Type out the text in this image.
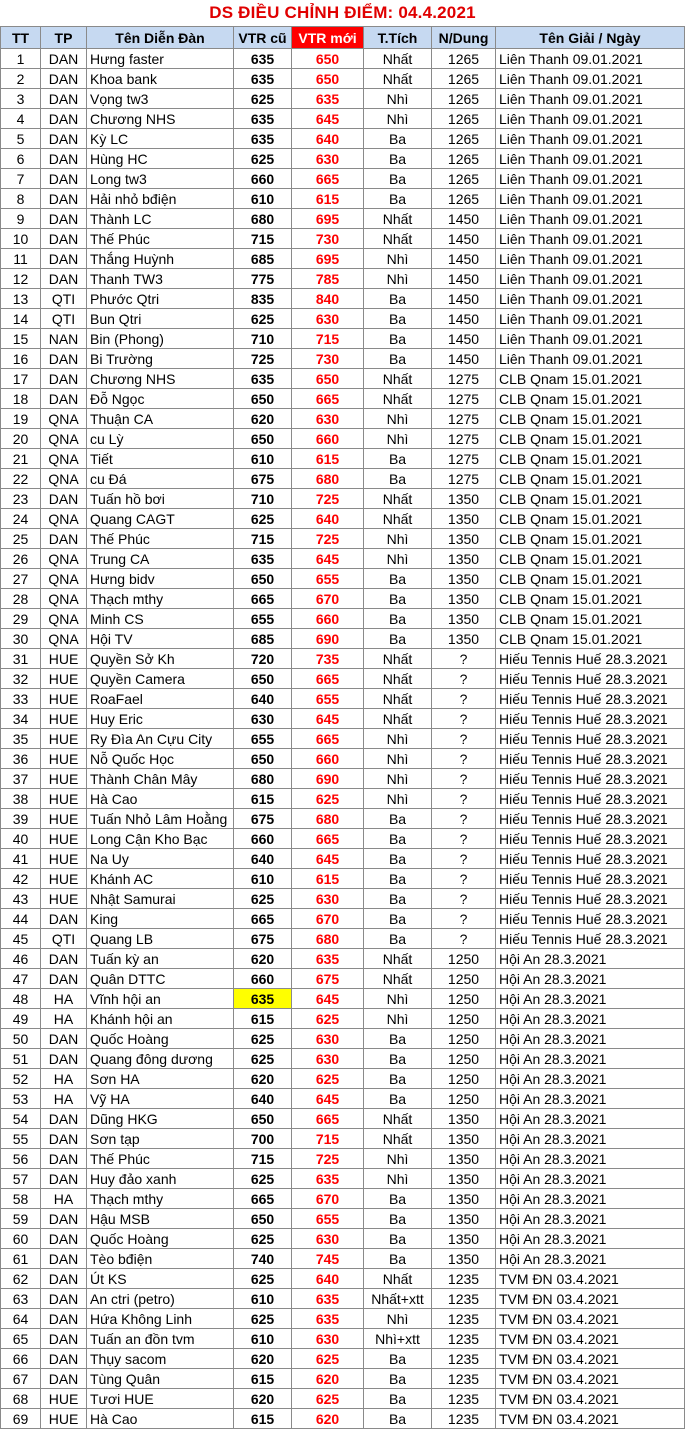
DS ĐIỀU CHỈNH ĐIỂM: 04.4.2021
TT	TP	Tên Diễn Đàn	VTR cũ	VTR mới	T.Tích	N/Dung	Tên Giải / Ngày
1	DAN	Hưng faster	635	650	Nhất	1265	Liên Thanh 09.01.2021
2	DAN	Khoa bank	635	650	Nhất	1265	Liên Thanh 09.01.2021
3	DAN	Vọng tw3	625	635	Nhì	1265	Liên Thanh 09.01.2021
4	DAN	Chương NHS	635	645	Nhì	1265	Liên Thanh 09.01.2021
5	DAN	Kỳ LC	635	640	Ba	1265	Liên Thanh 09.01.2021
6	DAN	Hùng HC	625	630	Ba	1265	Liên Thanh 09.01.2021
7	DAN	Long tw3	660	665	Ba	1265	Liên Thanh 09.01.2021
8	DAN	Hải nhỏ bđiện	610	615	Ba	1265	Liên Thanh 09.01.2021
9	DAN	Thành LC	680	695	Nhất	1450	Liên Thanh 09.01.2021
10	DAN	Thế Phúc	715	730	Nhất	1450	Liên Thanh 09.01.2021
11	DAN	Thắng Huỳnh	685	695	Nhì	1450	Liên Thanh 09.01.2021
12	DAN	Thanh TW3	775	785	Nhì	1450	Liên Thanh 09.01.2021
13	QTI	Phước Qtri	835	840	Ba	1450	Liên Thanh 09.01.2021
14	QTI	Bun Qtri	625	630	Ba	1450	Liên Thanh 09.01.2021
15	NAN	Bin (Phong)	710	715	Ba	1450	Liên Thanh 09.01.2021
16	DAN	Bi Trường	725	730	Ba	1450	Liên Thanh 09.01.2021
17	DAN	Chương NHS	635	650	Nhất	1275	CLB Qnam 15.01.2021
18	DAN	Đỗ Ngọc	650	665	Nhất	1275	CLB Qnam 15.01.2021
19	QNA	Thuận CA	620	630	Nhì	1275	CLB Qnam 15.01.2021
20	QNA	cu Lỳ	650	660	Nhì	1275	CLB Qnam 15.01.2021
21	QNA	Tiết	610	615	Ba	1275	CLB Qnam 15.01.2021
22	QNA	cu Đá	675	680	Ba	1275	CLB Qnam 15.01.2021
23	DAN	Tuấn hồ bơi	710	725	Nhất	1350	CLB Qnam 15.01.2021
24	QNA	Quang CAGT	625	640	Nhất	1350	CLB Qnam 15.01.2021
25	DAN	Thế Phúc	715	725	Nhì	1350	CLB Qnam 15.01.2021
26	QNA	Trung CA	635	645	Nhì	1350	CLB Qnam 15.01.2021
27	QNA	Hưng bidv	650	655	Ba	1350	CLB Qnam 15.01.2021
28	QNA	Thạch mthy	665	670	Ba	1350	CLB Qnam 15.01.2021
29	QNA	Minh CS	655	660	Ba	1350	CLB Qnam 15.01.2021
30	QNA	Hội TV	685	690	Ba	1350	CLB Qnam 15.01.2021
31	HUE	Quyền Sở Kh	720	735	Nhất	?	Hiếu Tennis Huế 28.3.2021
32	HUE	Quyền Camera	650	665	Nhất	?	Hiếu Tennis Huế 28.3.2021
33	HUE	RoaFael	640	655	Nhất	?	Hiếu Tennis Huế 28.3.2021
34	HUE	Huy Eric	630	645	Nhất	?	Hiếu Tennis Huế 28.3.2021
35	HUE	Ry Đìa An Cựu City	655	665	Nhì	?	Hiếu Tennis Huế 28.3.2021
36	HUE	Nỗ Quốc Học	650	660	Nhì	?	Hiếu Tennis Huế 28.3.2021
37	HUE	Thành Chân Mây	680	690	Nhì	?	Hiếu Tennis Huế 28.3.2021
38	HUE	Hà Cao	615	625	Nhì	?	Hiếu Tennis Huế 28.3.2021
39	HUE	Tuấn Nhỏ Lâm Hoằng	675	680	Ba	?	Hiếu Tennis Huế 28.3.2021
40	HUE	Long Cận Kho Bạc	660	665	Ba	?	Hiếu Tennis Huế 28.3.2021
41	HUE	Na Uy	640	645	Ba	?	Hiếu Tennis Huế 28.3.2021
42	HUE	Khánh AC	610	615	Ba	?	Hiếu Tennis Huế 28.3.2021
43	HUE	Nhật Samurai	625	630	Ba	?	Hiếu Tennis Huế 28.3.2021
44	DAN	King	665	670	Ba	?	Hiếu Tennis Huế 28.3.2021
45	QTI	Quang LB	675	680	Ba	?	Hiếu Tennis Huế 28.3.2021
46	DAN	Tuấn kỳ an	620	635	Nhất	1250	Hội An 28.3.2021
47	DAN	Quân DTTC	660	675	Nhất	1250	Hội An 28.3.2021
48	HA	Vĩnh hội an	635	645	Nhì	1250	Hội An 28.3.2021
49	HA	Khánh hội an	615	625	Nhì	1250	Hội An 28.3.2021
50	DAN	Quốc Hoàng	625	630	Ba	1250	Hội An 28.3.2021
51	DAN	Quang đông dương	625	630	Ba	1250	Hội An 28.3.2021
52	HA	Sơn HA	620	625	Ba	1250	Hội An 28.3.2021
53	HA	Vỹ HA	640	645	Ba	1250	Hội An 28.3.2021
54	DAN	Dũng HKG	650	665	Nhất	1350	Hội An 28.3.2021
55	DAN	Sơn tạp	700	715	Nhất	1350	Hội An 28.3.2021
56	DAN	Thế Phúc	715	725	Nhì	1350	Hội An 28.3.2021
57	DAN	Huy đảo xanh	625	635	Nhì	1350	Hội An 28.3.2021
58	HA	Thạch mthy	665	670	Ba	1350	Hội An 28.3.2021
59	DAN	Hậu MSB	650	655	Ba	1350	Hội An 28.3.2021
60	DAN	Quốc Hoàng	625	630	Ba	1350	Hội An 28.3.2021
61	DAN	Tèo bđiện	740	745	Ba	1350	Hội An 28.3.2021
62	DAN	Út KS	625	640	Nhất	1235	TVM ĐN 03.4.2021
63	DAN	An ctri (petro)	610	635	Nhất+xtt	1235	TVM ĐN 03.4.2021
64	DAN	Hứa Không Linh	625	635	Nhì	1235	TVM ĐN 03.4.2021
65	DAN	Tuấn an đồn tvm	610	630	Nhì+xtt	1235	TVM ĐN 03.4.2021
66	DAN	Thụy sacom	620	625	Ba	1235	TVM ĐN 03.4.2021
67	DAN	Tùng Quân	615	620	Ba	1235	TVM ĐN 03.4.2021
68	HUE	Tươi HUE	620	625	Ba	1235	TVM ĐN 03.4.2021
69	HUE	Hà Cao	615	620	Ba	1235	TVM ĐN 03.4.2021
